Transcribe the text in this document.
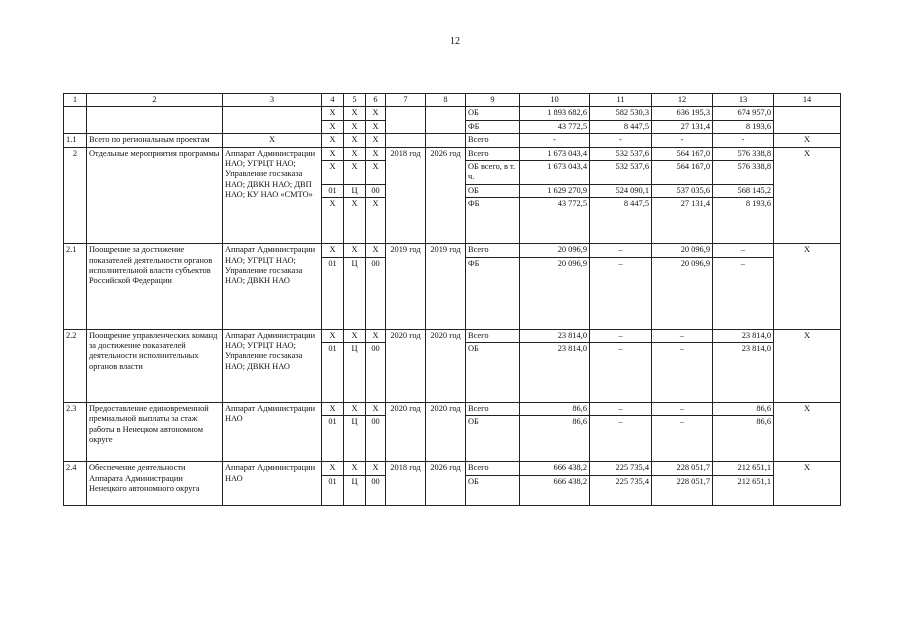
12
1	2	3	4	5	6	7	8	9	10	11	12	13	14
			Х	Х	Х			ОБ	1 893 682,6	582 530,3	636 195,3	674 957,0	
			Х	Х	Х			ФБ	43 772,5	8 447,5	27 131,4	8 193,6	
1.1	Всего по региональным проектам	Х	Х	Х	Х			Всего	-	-	-	-	Х
2	Отдельные мероприятия программы	Аппарат Администрации НАО; УГРЦТ НАО; Управление госзаказа НАО; ДВКН НАО; ДВП НАО; КУ НАО «СМТО»	Х	Х	Х	2018 год	2026 год	Всего	1 673 043,4	532 537,6	564 167,0	576 338,8	Х
			Х	Х	Х			ОБ всего, в т. ч.	1 673 043,4	532 537,6	564 167,0	576 338,8	
			01	Ц	00			ОБ	1 629 270,9	524 090,1	537 035,6	568 145,2	
			Х	Х	Х			ФБ	43 772,5	8 447,5	27 131,4	8 193,6	
2.1	Поощрение за достижение показателей деятельности органов исполнительной власти субъектов Российской Федерации	Аппарат Администрации НАО; УГРЦТ НАО; Управление госзаказа НАО; ДВКН НАО	Х	Х	Х	2019 год	2019 год	Всего	20 096,9	–	20 096,9	–	Х
			01	Ц	00			ФБ	20 096,9	–	20 096,9	–	
2.2	Поощрение управленческих команд за достижение показателей деятельности исполнительных органов власти	Аппарат Администрации НАО; УГРЦТ НАО; Управление госзаказа НАО; ДВКН НАО	Х	Х	Х	2020 год	2020 год	Всего	23 814,0	–	–	23 814,0	Х
			01	Ц	00			ОБ	23 814,0	–	–	23 814,0	
2.3	Предоставление единовременной премиальной выплаты за стаж работы в Ненецком автономном округе	Аппарат Администрации НАО	Х	Х	Х	2020 год	2020 год	Всего	86,6	–	–	86,6	Х
			01	Ц	00			ОБ	86,6	–	–	86,6	
2.4	Обеспечение деятельности Аппарата Администрации Ненецкого автономного округа	Аппарат Администрации НАО	Х	Х	Х	2018 год	2026 год	Всего	666 438,2	225 735,4	228 051,7	212 651,1	Х
			01	Ц	00			ОБ	666 438,2	225 735,4	228 051,7	212 651,1	
